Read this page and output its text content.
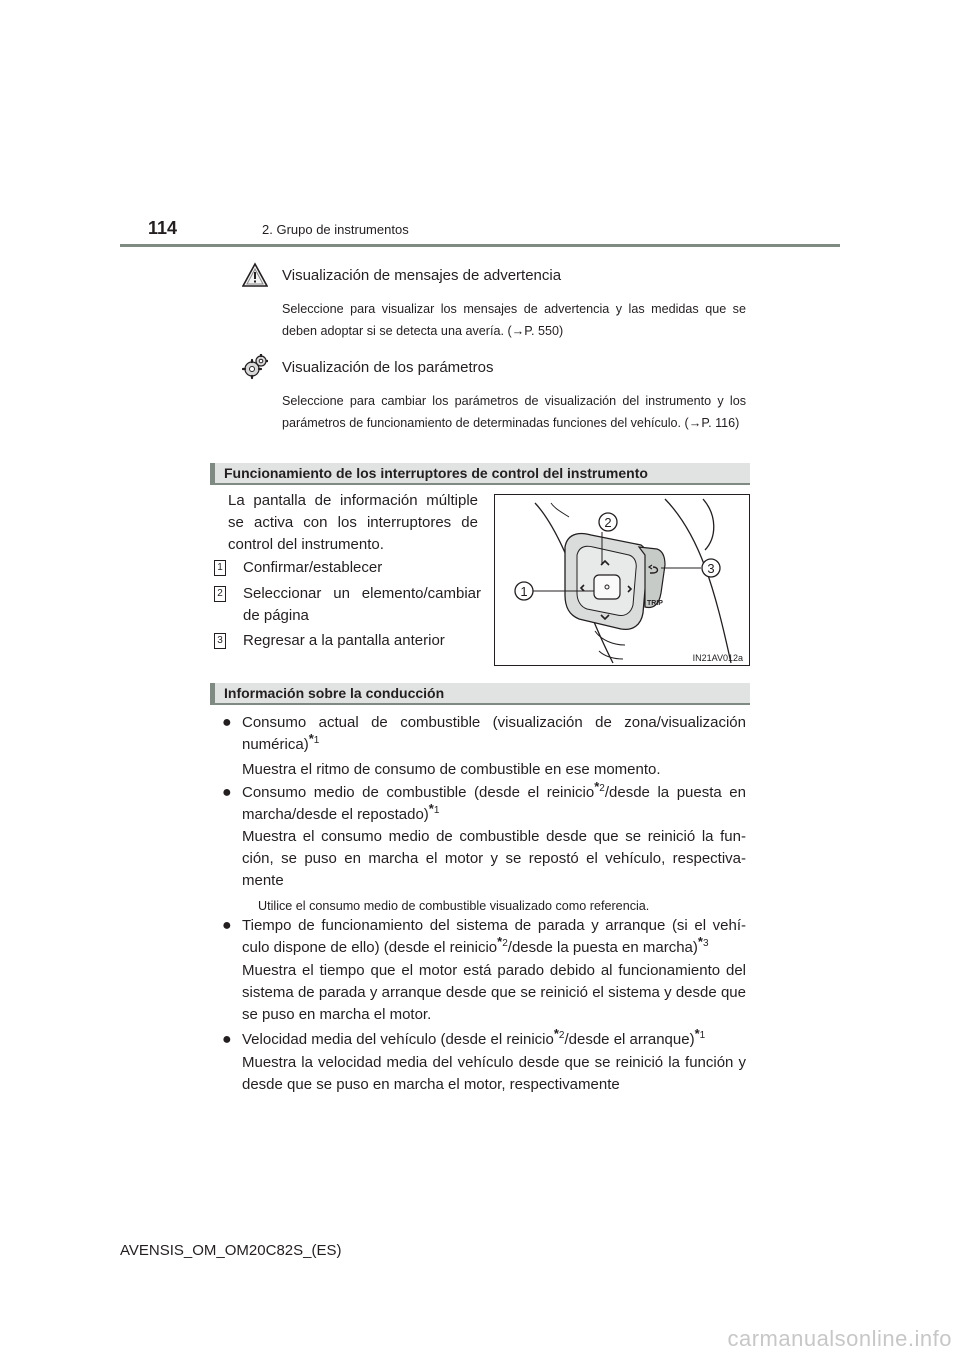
114	2. Grupo de instrumentos
Visualización de mensajes de advertencia
Seleccione para visualizar los mensajes de advertencia y las medidas que se deben adoptar si se detecta una avería. (→P. 550)
Visualización de los parámetros
Seleccione para cambiar los parámetros de visualización del instrumento y los parámetros de funcionamiento de determinadas funciones del vehículo. (→P. 116)
Funcionamiento de los interruptores de control del instrumento
La pantalla de información múltiple se activa con los interruptores de control del instrumento.
1 Confirmar/establecer
2 Seleccionar un elemento/cambiar de página
3 Regresar a la pantalla anterior
TRIP
2
1
3
IN21AV012a
Información sobre la conducción
● Consumo actual de combustible (visualización de zona/visualización numérica)$^{*1}$
Muestra el ritmo de consumo de combustible en ese momento.
● Consumo medio de combustible (desde el reinicio$^{*2}$/desde la puesta en marcha/desde el repostado)$^{*1}$
Muestra el consumo medio de combustible desde que se reinició la fun-ción, se puso en marcha el motor y se repostó el vehículo, respectiva-mente
Utilice el consumo medio de combustible visualizado como referencia.
● Tiempo de funcionamiento del sistema de parada y arranque (si el vehí-culo dispone de ello) (desde el reinicio$^{*2}$/desde la puesta en marcha)$^{*3}$
Muestra el tiempo que el motor está parado debido al funcionamiento del sistema de parada y arranque desde que se reinició el sistema y desde que se puso en marcha el motor.
● Velocidad media del vehículo (desde el reinicio$^{*2}$/desde el arranque)$^{*1}$
Muestra la velocidad media del vehículo desde que se reinició la función y desde que se puso en marcha el motor, respectivamente
AVENSIS_OM_OM20C82S_(ES)
carmanualsonline.info
